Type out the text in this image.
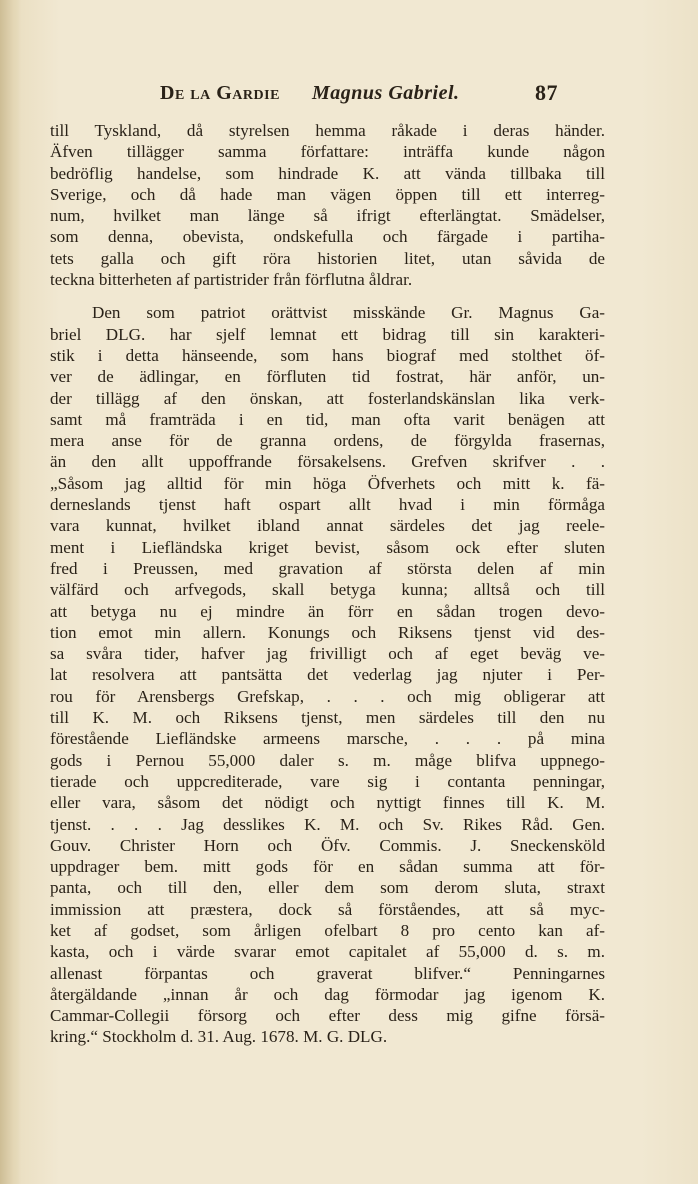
De la Gardie Magnus Gabriel.	87
till Tyskland, då styrelsen hemma råkade i deras händer.
Äfven tillägger samma författare: inträffa kunde någon
bedröflig handelse, som hindrade K. att vända tillbaka till
Sverige, och då hade man vägen öppen till ett interreg-
num, hvilket man länge så ifrigt efterlängtat. Smädelser,
som denna, obevista, ondskefulla och färgade i partiha-
tets galla och gift röra historien litet, utan såvida de
teckna bitterheten af partistrider från förflutna åldrar.
Den som patriot orättvist misskände Gr. Magnus Ga-
briel DLG. har sjelf lemnat ett bidrag till sin karakteri-
stik i detta hänseende, som hans biograf med stolthet öf-
ver de ädlingar, en förfluten tid fostrat, här anför, un-
der tillägg af den önskan, att fosterlandskänslan lika verk-
samt må framträda i en tid, man ofta varit benägen att
mera anse för de granna ordens, de förgylda frasernas,
än den allt uppoffrande försakelsens. Grefven skrifver . .
„Såsom jag alltid för min höga Öfverhets och mitt k. fä-
derneslands tjenst haft ospart allt hvad i min förmåga
vara kunnat, hvilket ibland annat särdeles det jag reele-
ment i Liefländska kriget bevist, såsom ock efter sluten
fred i Preussen, med gravation af största delen af min
välfärd och arfvegods, skall betyga kunna; alltså och till
att betyga nu ej mindre än förr en sådan trogen devo-
tion emot min allern. Konungs och Riksens tjenst vid des-
sa svåra tider, hafver jag frivilligt och af eget beväg ve-
lat resolvera att pantsätta det vederlag jag njuter i Per-
rou för Arensbergs Grefskap, . . . och mig obligerar att
till K. M. och Riksens tjenst, men särdeles till den nu
förestående Liefländske armeens marsche, . . . på mina
gods i Pernou 55,000 daler s. m. måge blifva uppnego-
tierade och uppcrediterade, vare sig i contanta penningar,
eller vara, såsom det nödigt och nyttigt finnes till K. M.
tjenst. . . . Jag desslikes K. M. och Sv. Rikes Råd. Gen.
Gouv. Christer Horn och Öfv. Commis. J. Sneckensköld
uppdrager bem. mitt gods för en sådan summa att för-
panta, och till den, eller dem som derom sluta, straxt
immission att præstera, dock så förståendes, att så myc-
ket af godset, som årligen ofelbart 8 pro cento kan af-
kasta, och i värde svarar emot capitalet af 55,000 d. s. m.
allenast förpantas och graverat blifver.“ Penningarnes
återgäldande „innan år och dag förmodar jag igenom K.
Cammar-Collegii försorg och efter dess mig gifne försä-
kring.“ Stockholm d. 31. Aug. 1678. M. G. DLG.
